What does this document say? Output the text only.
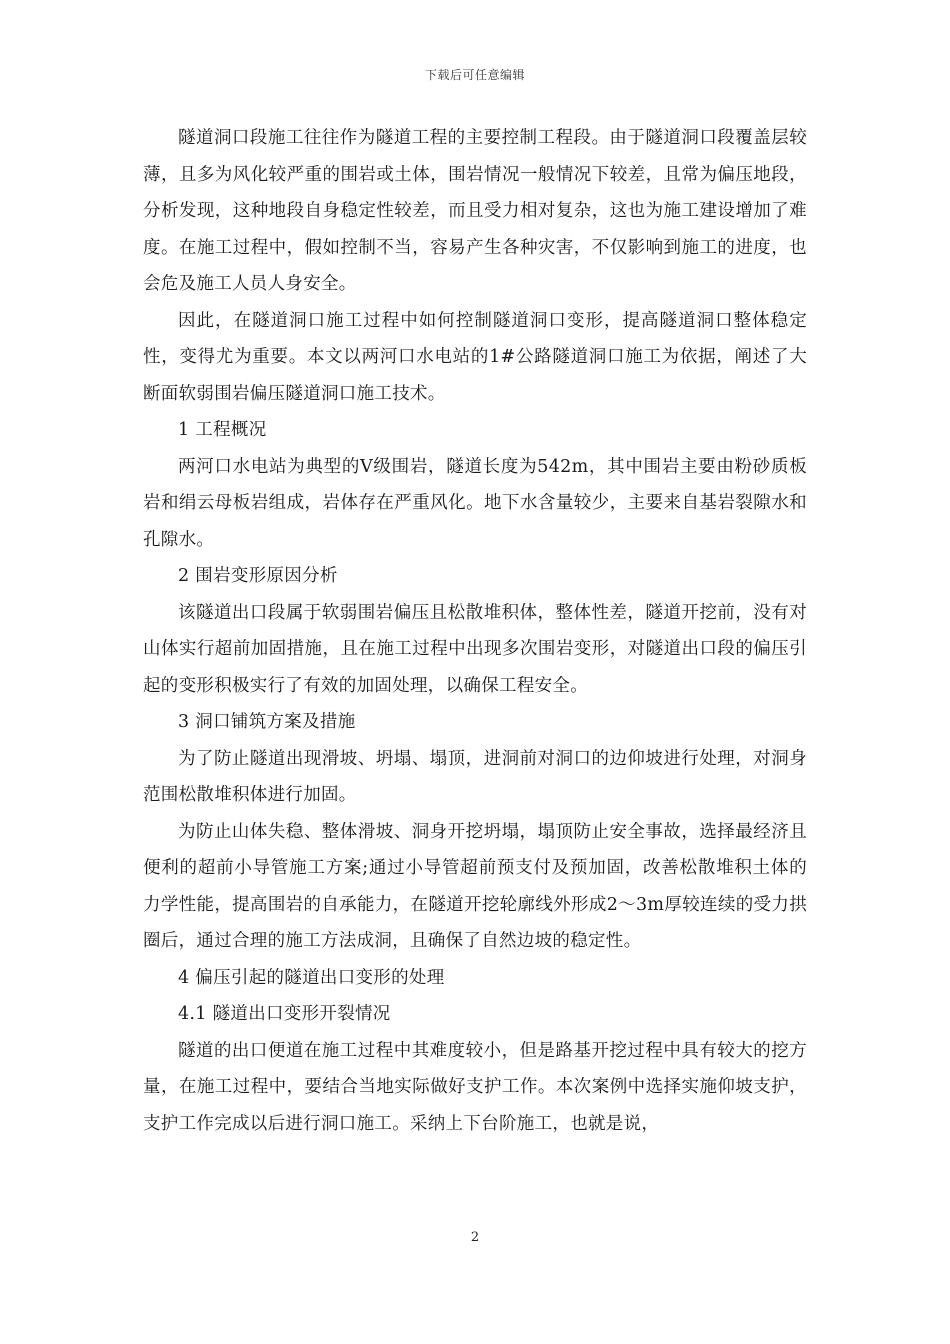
下载后可任意编辑

隧道洞口段施工往往作为隧道工程的主要控制工程段。由于隧道洞口段覆盖层较薄，且多为风化较严重的围岩或土体，围岩情况一般情况下较差，且常为偏压地段，分析发现，这种地段自身稳定性较差，而且受力相对复杂，这也为施工建设增加了难度。在施工过程中，假如控制不当，容易产生各种灾害，不仅影响到施工的进度，也会危及施工人员人身安全。

因此，在隧道洞口施工过程中如何控制隧道洞口变形，提高隧道洞口整体稳定性，变得尤为重要。本文以两河口水电站的1#公路隧道洞口施工为依据，阐述了大断面软弱围岩偏压隧道洞口施工技术。

1 工程概况

两河口水电站为典型的Ⅴ级围岩，隧道长度为542m，其中围岩主要由粉砂质板岩和绢云母板岩组成，岩体存在严重风化。地下水含量较少，主要来自基岩裂隙水和孔隙水。

2 围岩变形原因分析

该隧道出口段属于软弱围岩偏压且松散堆积体，整体性差，隧道开挖前，没有对山体实行超前加固措施，且在施工过程中出现多次围岩变形，对隧道出口段的偏压引起的变形积极实行了有效的加固处理，以确保工程安全。

3 洞口铺筑方案及措施

为了防止隧道出现滑坡、坍塌、塌顶，进洞前对洞口的边仰坡进行处理，对洞身范围松散堆积体进行加固。

为防止山体失稳、整体滑坡、洞身开挖坍塌，塌顶防止安全事故，选择最经济且便利的超前小导管施工方案;通过小导管超前预支付及预加固，改善松散堆积土体的力学性能，提高围岩的自承能力，在隧道开挖轮廓线外形成2～3m厚较连续的受力拱圈后，通过合理的施工方法成洞，且确保了自然边坡的稳定性。

4 偏压引起的隧道出口变形的处理

4.1 隧道出口变形开裂情况

隧道的出口便道在施工过程中其难度较小，但是路基开挖过程中具有较大的挖方量，在施工过程中，要结合当地实际做好支护工作。本次案例中选择实施仰坡支护，支护工作完成以后进行洞口施工。采纳上下台阶施工，也就是说，

2
